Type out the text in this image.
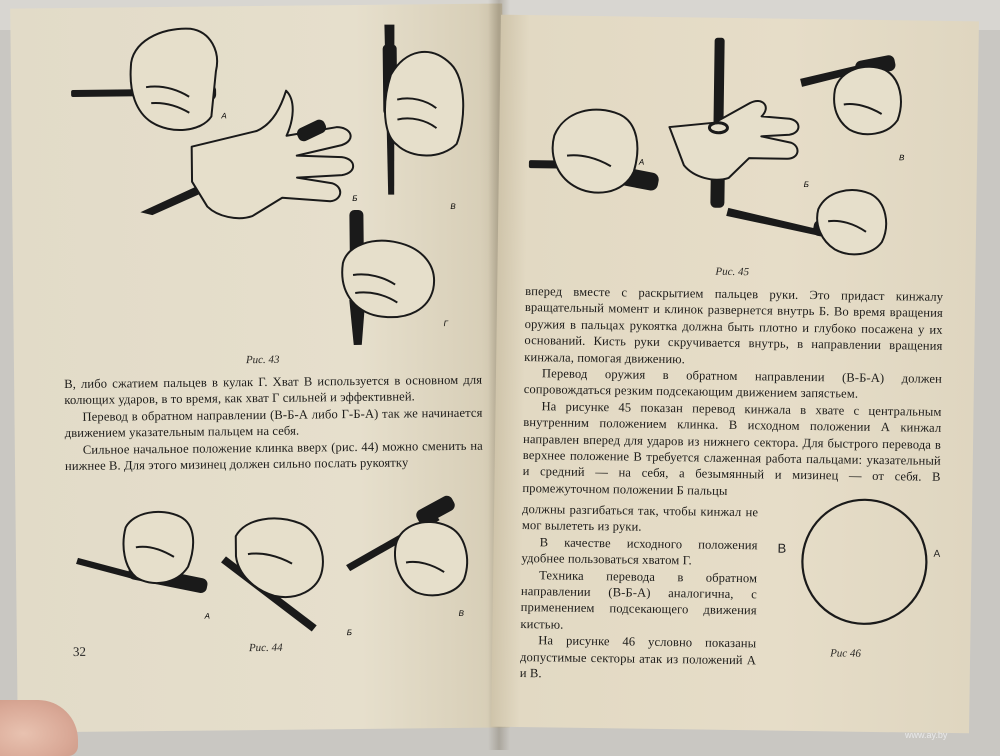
А
Б
В
Г
Рис. 43

В, либо сжатием пальцев в кулак Г. Хват В используется в основном для колющих ударов, в то время, как хват Г сильней и эффективней.

Перевод в обратном направлении (В-Б-А либо Г-Б-А) так же начинается движением указательным пальцем на себя.

Сильное начальное положение клинка вверх (рис. 44) можно сменить на нижнее В. Для этого мизинец должен сильно послать рукоятку

А
Б
В
Рис. 44
32
А
Б
В
Рис. 45

вперед вместе с раскрытием пальцев руки. Это придаст кинжалу вращательный момент и клинок развернется внутрь Б. Во время вращения оружия в пальцах рукоятка должна быть плотно и глубоко посажена у их оснований. Кисть руки скручивается внутрь, в направлении вращения кинжала, помогая движению.

Перевод оружия в обратном направлении (В-Б-А) должен сопровождаться резким подсекающим движением запястьем.

На рисунке 45 показан перевод кинжала в хвате с центральным внутренним положением клинка. В исходном положении А кинжал направлен вперед для ударов из нижнего сектора. Для быстрого перевода в верхнее положение В требуется слаженная работа пальцами: указательный и средний — на себя, а безымянный и мизинец — от себя. В промежуточном положении Б пальцы

должны разгибаться так, чтобы кинжал не мог вылететь из руки.

В качестве исходного положения удобнее пользоваться хватом Г.

Техника перевода в обратном направлении (В-Б-А) аналогична, с применением подсекающего движения кистью.

На рисунке 46 условно показаны допустимые секторы атак из положений А и В.

В	А
Рис 46
www.ay.by
